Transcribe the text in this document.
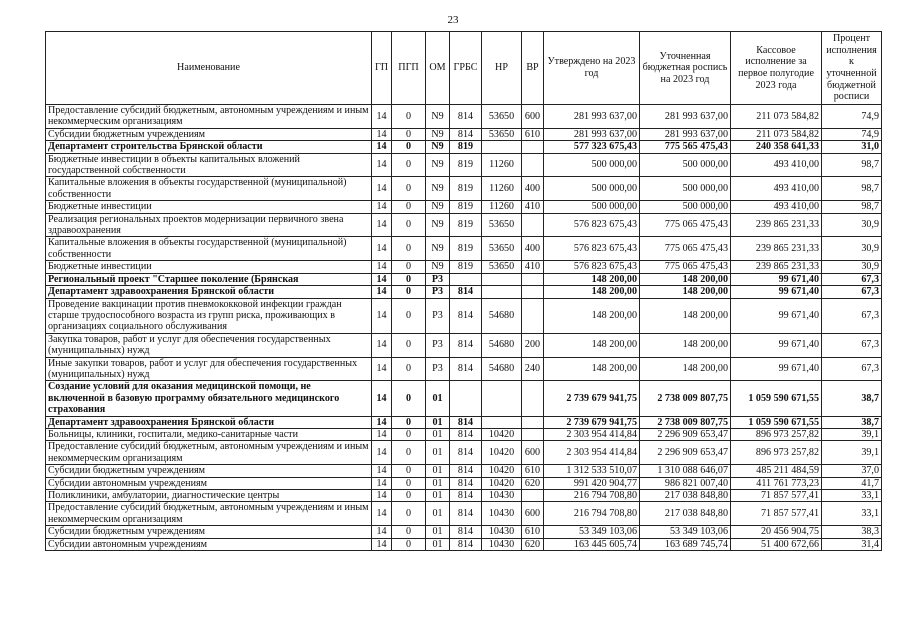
23
Наименование	ГП	ПГП	ОМ	ГРБС	НР	ВР	Утверждено на 2023 год	Уточненная бюджетная роспись на 2023 год	Кассовое исполнение за первое полугодие 2023 года	Процент исполнения к уточненной бюджетной росписи
Предоставление субсидий бюджетным, автономным учреждениям и иным некоммерческим организациям	14	0	N9	814	53650	600	281 993 637,00	281 993 637,00	211 073 584,82	74,9
Субсидии бюджетным учреждениям	14	0	N9	814	53650	610	281 993 637,00	281 993 637,00	211 073 584,82	74,9
Департамент строительства Брянской области	14	0	N9	819			577 323 675,43	775 565 475,43	240 358 641,33	31,0
Бюджетные инвестиции в объекты капитальных вложений государственной собственности	14	0	N9	819	11260		500 000,00	500 000,00	493 410,00	98,7
Капитальные вложения в объекты государственной (муниципальной) собственности	14	0	N9	819	11260	400	500 000,00	500 000,00	493 410,00	98,7
Бюджетные инвестиции	14	0	N9	819	11260	410	500 000,00	500 000,00	493 410,00	98,7
Реализация региональных проектов модернизации первичного звена здравоохранения	14	0	N9	819	53650		576 823 675,43	775 065 475,43	239 865 231,33	30,9
Капитальные вложения в объекты государственной (муниципальной) собственности	14	0	N9	819	53650	400	576 823 675,43	775 065 475,43	239 865 231,33	30,9
Бюджетные инвестиции	14	0	N9	819	53650	410	576 823 675,43	775 065 475,43	239 865 231,33	30,9
Региональный проект "Старшее поколение (Брянская	14	0	P3				148 200,00	148 200,00	99 671,40	67,3
Департамент здравоохранения Брянской области	14	0	P3	814			148 200,00	148 200,00	99 671,40	67,3
Проведение вакцинации против пневмококковой инфекции граждан старше трудоспособного возраста из групп риска, проживающих в организациях социального обслуживания	14	0	P3	814	54680		148 200,00	148 200,00	99 671,40	67,3
Закупка товаров, работ и услуг для обеспечения государственных (муниципальных) нужд	14	0	P3	814	54680	200	148 200,00	148 200,00	99 671,40	67,3
Иные закупки товаров, работ и услуг для обеспечения государственных (муниципальных) нужд	14	0	P3	814	54680	240	148 200,00	148 200,00	99 671,40	67,3
Создание условий для оказания медицинской помощи, не включенной в базовую программу обязательного медицинского страхования	14	0	01				2 739 679 941,75	2 738 009 807,75	1 059 590 671,55	38,7
Департамент здравоохранения Брянской области	14	0	01	814			2 739 679 941,75	2 738 009 807,75	1 059 590 671,55	38,7
Больницы, клиники, госпитали, медико-санитарные части	14	0	01	814	10420		2 303 954 414,84	2 296 909 653,47	896 973 257,82	39,1
Предоставление субсидий бюджетным, автономным учреждениям и иным некоммерческим организациям	14	0	01	814	10420	600	2 303 954 414,84	2 296 909 653,47	896 973 257,82	39,1
Субсидии бюджетным учреждениям	14	0	01	814	10420	610	1 312 533 510,07	1 310 088 646,07	485 211 484,59	37,0
Субсидии автономным учреждениям	14	0	01	814	10420	620	991 420 904,77	986 821 007,40	411 761 773,23	41,7
Поликлиники, амбулатории, диагностические центры	14	0	01	814	10430		216 794 708,80	217 038 848,80	71 857 577,41	33,1
Предоставление субсидий бюджетным, автономным учреждениям и иным некоммерческим организациям	14	0	01	814	10430	600	216 794 708,80	217 038 848,80	71 857 577,41	33,1
Субсидии бюджетным учреждениям	14	0	01	814	10430	610	53 349 103,06	53 349 103,06	20 456 904,75	38,3
Субсидии автономным учреждениям	14	0	01	814	10430	620	163 445 605,74	163 689 745,74	51 400 672,66	31,4
